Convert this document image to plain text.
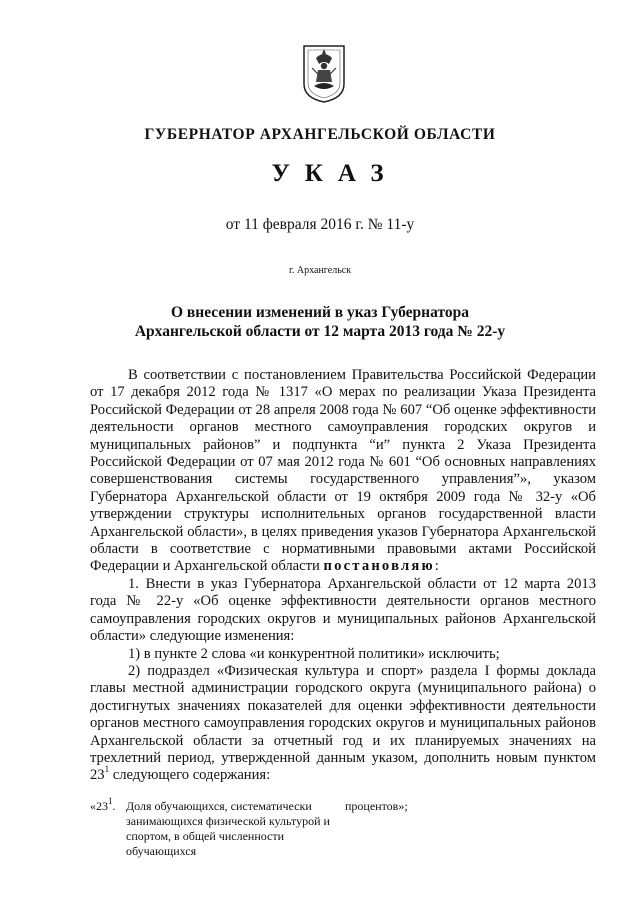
ГУБЕРНАТОР АРХАНГЕЛЬСКОЙ ОБЛАСТИ
УКАЗ
от 11 февраля 2016 г. № 11-у
г. Архангельск
О внесении изменений в указ Губернатора
Архангельской области от 12 марта 2013 года № 22-у

В соответствии с постановлением Правительства Российской Федерации от 17 декабря 2012 года № 1317 «О мерах по реализации Указа Президента Российской Федерации от 28 апреля 2008 года № 607 “Об оценке эффективности деятельности органов местного самоуправления городских округов и муниципальных районов” и подпункта “и” пункта 2 Указа Президента Российской Федерации от 07 мая 2012 года № 601 “Об основных направлениях совершенствования системы государственного управления”», указом Губернатора Архангельской области от 19 октября 2009 года № 32-у «Об утверждении структуры исполнительных органов государственной власти Архангельской области», в целях приведения указов Губернатора Архангельской области в соответствие с нормативными правовыми актами Российской Федерации и Архангельской области постановляю:

1. Внести в указ Губернатора Архангельской области от 12 марта 2013 года № 22-у «Об оценке эффективности деятельности органов местного самоуправления городских округов и муниципальных районов Архангельской области» следующие изменения:

1) в пункте 2 слова «и конкурентной политики» исключить;

2) подраздел «Физическая культура и спорт» раздела I формы доклада главы местной администрации городского округа (муниципального района) о достигнутых значениях показателей для оценки эффективности деятельности органов местного самоуправления городских округов и муниципальных районов Архангельской области за отчетный год и их планируемых значениях на трехлетний период, утвержденной данным указом, дополнить новым пунктом $23^1$ следующего содержания:

«$23^1$. Доля обучающихся, систематически занимающихся физической культурой и спортом, в общей численности обучающихся
процентов»;
